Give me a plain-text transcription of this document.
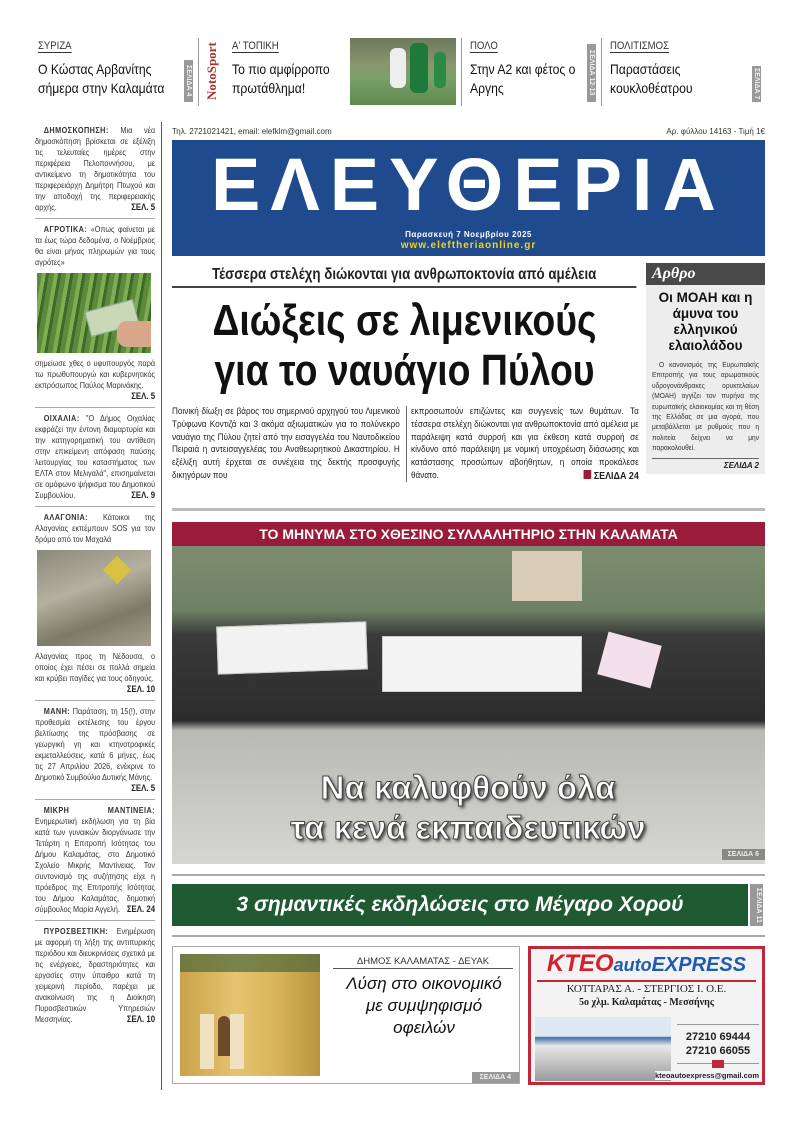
ΣΥΡΙΖΑ
Ο Κώστας Αρβανίτης σήμερα στην Καλαμάτα	ΣΕΛΙΔΑ 4 NotoSport Α' ΤΟΠΙΚΗ
Το πιο αμφίρροπο πρωτάθλημα!
ΠΟΛΟ
Στην Α2 και φέτος ο Αργης	ΣΕΛΙΔΑ 12-13
ΠΟΛΙΤΙΣΜΟΣ
Παραστάσεις κουκλοθέατρου	ΣΕΛΙΔΑ 7
ΔΗΜΟΣΚΟΠΗΣΗ: Μια νέα δημοσκόπηση βρίσκεται σε εξέλιξη τις τελευταίες ημέρες στην περιφέρεια Πελοποννήσου, με αντικείμενο τη δημοτικότητα του περιφερειάρχη Δημήτρη Πτωχού και την αποδοχή της περιφερειακής αρχής.	ΣΕΛ. 5
ΑΓΡΟΤΙΚΑ: «Οπως φαίνεται με τα έως τώρα δεδομένα, ο Νοέμβριος θα είναι μήνας πληρωμών για τους αγρότες»
σημείωσε χθες ο υφυπουργός παρά τω πρωθυπουργώ και κυβερνητικός εκπρόσωπος Παύλος Μαρινάκης.
ΣΕΛ. 5
ΟΙΧΑΛΙΑ: "Ο Δήμος Οιχαλίας εκφράζει την έντονη διαμαρτυρία και την κατηγορηματική του αντίθεση στην επικείμενη απόφαση παύσης λειτουργίας του καταστήματος των ΕΛΤΑ στον Μελιγαλά", επισημαίνεται σε ομόφωνο ψήφισμα του Δημοτικού Συμβουλίου.	ΣΕΛ. 9
ΑΛΑΓΟΝΙΑ: Κάτοικοι της Αλαγονίας εκπέμπουν SOS για τον δρόμο από τον Μαχαλά
Αλαγονίας προς τη Νέδουσα, ο οποίος έχει πέσει σε πολλά σημεία και κρύβει παγίδες για τους οδηγούς.
ΣΕΛ. 10
ΜΑΝΗ: Παράταση, τη 15(!), στην προθεσμία εκτέλεσης του έργου βελτίωσης της πρόσβασης σε γεωργική γη και κτηνοτροφικές εκμεταλλεύσεις, κατά 6 μήνες, έως τις 27 Απριλίου 2026, ενέκρινε το Δημοτικό Συμβούλιο Δυτικής Μάνης.
ΣΕΛ. 5
ΜΙΚΡΗ ΜΑΝΤΙΝΕΙΑ: Ενημερωτική εκδήλωση για τη βία κατά των γυναικών διοργάνωσε την Τετάρτη η Επιτροπή Ισότητας του Δήμου Καλαμάτας, στο Δημοτικό Σχολείο Μικρής Μαντίνειας. Τον συντονισμό της συζήτησης είχε η πρόεδρος της Επιτροπής Ισότητας του Δήμου Καλαμάτας, δημοτική σύμβουλος Μαρία Αγγελή. ΣΕΛ. 24
ΠΥΡΟΣΒΕΣΤΙΚΗ: Ενημέρωση με αφορμή τη λήξη της αντιπυρικής περιόδου και διευκρινίσεις σχετικά με τις ενέργειες, δραστηριότητες και εργασίες στην ύπαιθρο κατά τη χειμερινή περίοδο, παρέχει με ανακοίνωση της η Διοίκηση Πυροσβεστικών Υπηρεσιών Μεσσηνίας.	ΣΕΛ. 10
Τηλ. 2721021421, email: elefklm@gmail.com	Αρ. φύλλου 14163 - Τιμή 1€
ΕΛΕΥΘΕΡΙΑ
Παρασκευή 7 Νοεμβρίου 2025
www.eleftheriaonline.gr
Τέσσερα στελέχη διώκονται για ανθρωποκτονία από αμέλεια
Διώξεις σε λιμενικούς
για το ναυάγιο Πύλου
Ποινική δίωξη σε βάρος του σημερινού αρχηγού του Λιμενικού Τρύφωνα Κοντιζά και 3 ακόμα αξιωματικών για το πολύνεκρο ναυάγιο της Πύλου ζητεί από την εισαγγελέα του Ναυτοδικείου Πειραιά η αντεισαγγελέας του Αναθεωρητικού Δικαστηρίου. Η εξέλιξη αυτή έρχεται σε συνέχεια της δεκτής προσφυγής δικηγόρων που
εκπροσωπούν επιζώντες και συγγενείς των θυμάτων. Τα τέσσερα στελέχη διώκονται για ανθρωποκτονία από αμέλεια με παράλειψη κατά συρροή και για έκθεση κατά συρροή σε κίνδυνο από παράλειψη με νομική υποχρέωση διάσωσης και κατάστασης προσώπων αβοήθητων, η οποία προκάλεσε θάνατο.	ΣΕΛΙΔΑ 24
Αρθρο
Οι ΜΟΑΗ και η άμυνα του ελληνικού ελαιολάδου
Ο κανονισμός της Ευρωπαϊκής Επιτροπής για τους αρωματικούς υδρογονάνθρακες ορυκτελαίων (ΜΟΑΗ) αγγίζει τον πυρήνα της ευρωπαϊκής ελαιοκομίας και τη θέση της Ελλάδας σε μια αγορά, που μεταβάλλεται με ρυθμούς που η πολιτεία δείχνει να μην παρακολουθεί.
ΣΕΛΙΔΑ 2
ΤΟ ΜΗΝΥΜΑ ΣΤΟ ΧΘΕΣΙΝΟ ΣΥΛΛΑΛΗΤΗΡΙΟ ΣΤΗΝ ΚΑΛΑΜΑΤΑ
Να καλυφθούν όλα
τα κενά εκπαιδευτικών
ΣΕΛΙΔΑ 6
3 σημαντικές εκδηλώσεις στο Μέγαρο Χορού	ΣΕΛΙΔΑ 11
ΔΗΜΟΣ ΚΑΛΑΜΑΤΑΣ - ΔΕΥΑΚ
Λύση στο οικονομικό με συμψηφισμό οφειλών
ΣΕΛΙΔΑ 4
KTEOautoEXPRESS
ΚΟΤΤΑΡΑΣ Α. - ΣΤΕΡΓΙΟΣ Ι. Ο.Ε.
5ο χλμ. Καλαμάτας - Μεσσήνης
27210 69444
27210 66055
kteoautoexpress@gmail.com
